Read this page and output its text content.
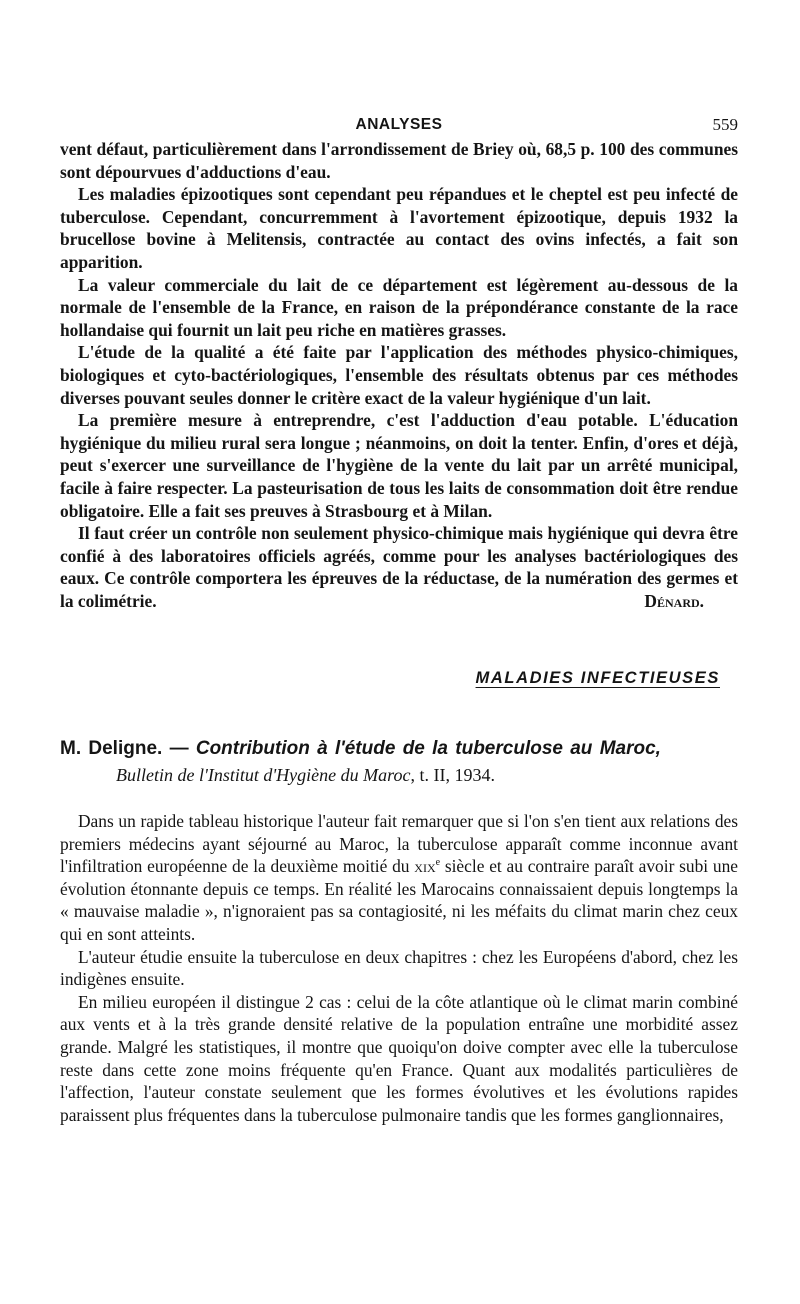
ANALYSES	559

vent défaut, particulièrement dans l'arrondissement de Briey où, 68,5 p. 100 des communes sont dépourvues d'adductions d'eau.

Les maladies épizootiques sont cependant peu répandues et le cheptel est peu infecté de tuberculose. Cependant, concurremment à l'avortement épizootique, depuis 1932 la brucellose bovine à Melitensis, contractée au contact des ovins infectés, a fait son apparition.

La valeur commerciale du lait de ce département est légèrement au-dessous de la normale de l'ensemble de la France, en raison de la prépondérance constante de la race hollandaise qui fournit un lait peu riche en matières grasses.

L'étude de la qualité a été faite par l'application des méthodes physico-chimiques, biologiques et cyto-bactériologiques, l'ensemble des résultats obtenus par ces méthodes diverses pouvant seules donner le critère exact de la valeur hygiénique d'un lait.

La première mesure à entreprendre, c'est l'adduction d'eau potable. L'éducation hygiénique du milieu rural sera longue ; néanmoins, on doit la tenter. Enfin, d'ores et déjà, peut s'exercer une surveillance de l'hygiène de la vente du lait par un arrêté municipal, facile à faire respecter. La pasteurisation de tous les laits de consommation doit être rendue obligatoire. Elle a fait ses preuves à Strasbourg et à Milan.

Il faut créer un contrôle non seulement physico-chimique mais hygiénique qui devra être confié à des laboratoires officiels agréés, comme pour les analyses bactériologiques des eaux. Ce contrôle comportera les épreuves de la réductase, de la numération des germes et la colimétrie.	Dénard.

MALADIES INFECTIEUSES
M. Deligne. — Contribution à l'étude de la tuberculose au Maroc,
Bulletin de l'Institut d'Hygiène du Maroc, t. II, 1934.

Dans un rapide tableau historique l'auteur fait remarquer que si l'on s'en tient aux relations des premiers médecins ayant séjourné au Maroc, la tuberculose apparaît comme inconnue avant l'infiltration européenne de la deuxième moitié du xix$^e$ siècle et au contraire paraît avoir subi une évolution étonnante depuis ce temps. En réalité les Marocains connaissaient depuis longtemps la « mauvaise maladie », n'ignoraient pas sa contagiosité, ni les méfaits du climat marin chez ceux qui en sont atteints.

L'auteur étudie ensuite la tuberculose en deux chapitres : chez les Européens d'abord, chez les indigènes ensuite.

En milieu européen il distingue 2 cas : celui de la côte atlantique où le climat marin combiné aux vents et à la très grande densité relative de la population entraîne une morbidité assez grande. Malgré les statistiques, il montre que quoiqu'on doive compter avec elle la tuberculose reste dans cette zone moins fréquente qu'en France. Quant aux modalités particulières de l'affection, l'auteur constate seulement que les formes évolutives et les évolutions rapides paraissent plus fréquentes dans la tuberculose pulmonaire tandis que les formes ganglionnaires,
